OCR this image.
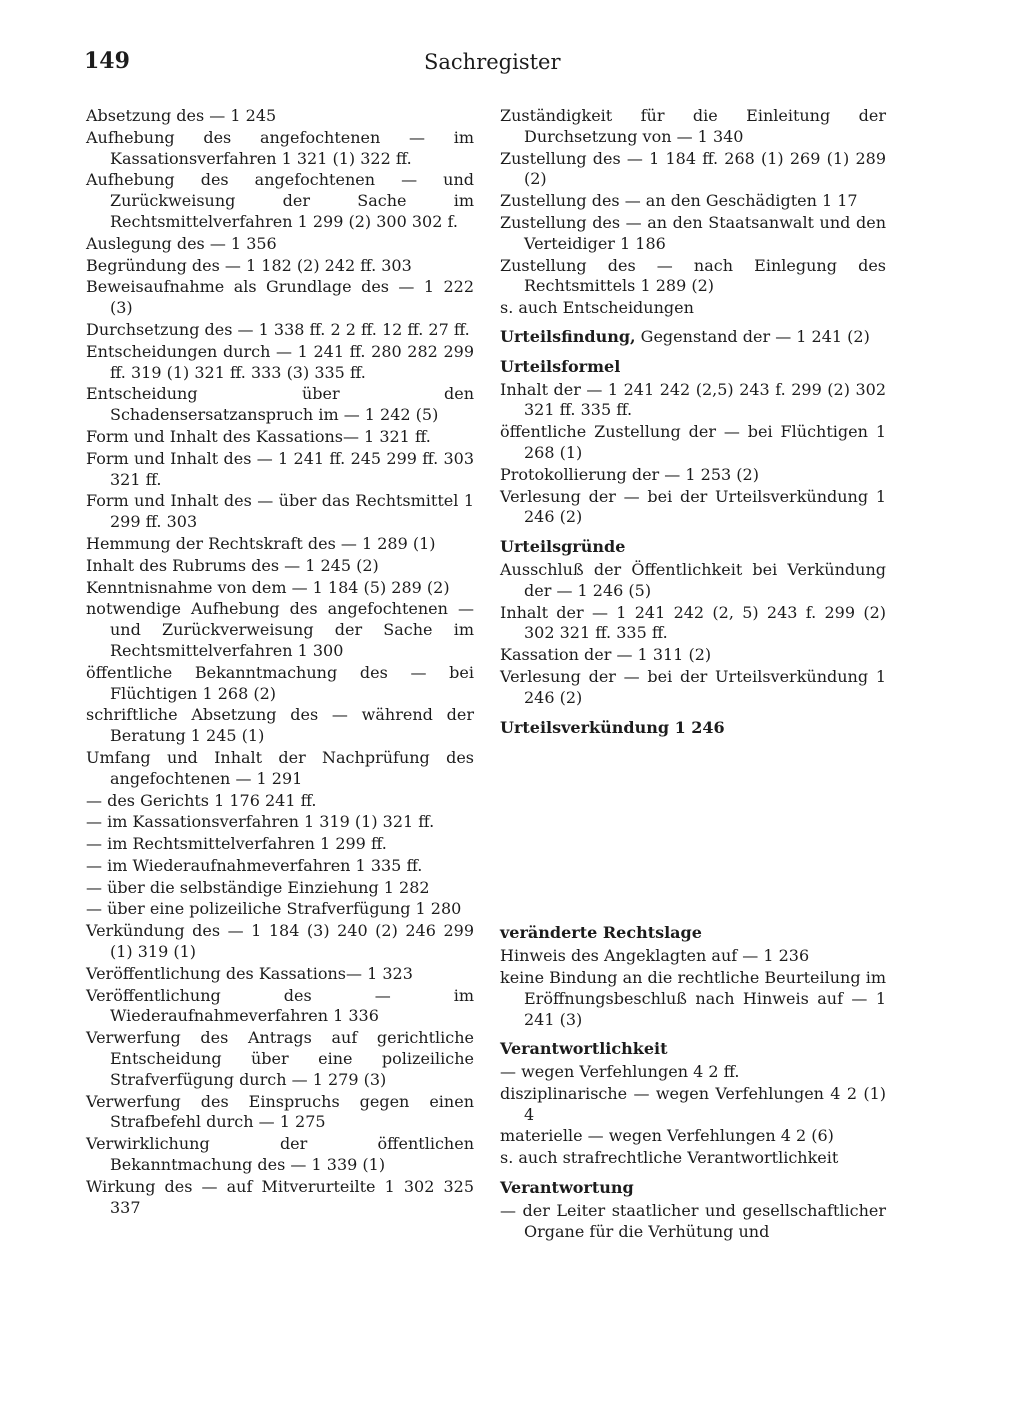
149	Sachregister

Absetzung des — 1 245

Aufhebung des angefochtenen — im Kassationsverfahren 1 321 (1) 322 ff.

Aufhebung des angefochtenen — und Zurückweisung der Sache im Rechtsmittelverfahren 1 299 (2) 300 302 f.

Auslegung des — 1 356

Begründung des — 1 182 (2) 242 ff. 303

Beweisaufnahme als Grundlage des — 1 222 (3)

Durchsetzung des — 1 338 ff. 2 2 ff. 12 ff. 27 ff.

Entscheidungen durch — 1 241 ff. 280 282 299 ff. 319 (1) 321 ff. 333 (3) 335 ff.

Entscheidung über den Schadensersatzanspruch im — 1 242 (5)

Form und Inhalt des Kassations— 1 321 ff.

Form und Inhalt des — 1 241 ff. 245 299 ff. 303 321 ff.

Form und Inhalt des — über das Rechtsmittel 1 299 ff. 303

Hemmung der Rechtskraft des — 1 289 (1)

Inhalt des Rubrums des — 1 245 (2)

Kenntnisnahme von dem — 1 184 (5) 289 (2)

notwendige Aufhebung des angefochtenen — und Zurückverweisung der Sache im Rechtsmittelverfahren 1 300

öffentliche Bekanntmachung des — bei Flüchtigen 1 268 (2)

schriftliche Absetzung des — während der Beratung 1 245 (1)

Umfang und Inhalt der Nachprüfung des angefochtenen — 1 291

— des Gerichts 1 176 241 ff.

— im Kassationsverfahren 1 319 (1) 321 ff.

— im Rechtsmittelverfahren 1 299 ff.

— im Wiederaufnahmeverfahren 1 335 ff.

— über die selbständige Einziehung 1 282

— über eine polizeiliche Strafverfügung 1 280

Verkündung des — 1 184 (3) 240 (2) 246 299 (1) 319 (1)

Veröffentlichung des Kassations— 1 323

Veröffentlichung des — im Wiederaufnahmeverfahren 1 336

Verwerfung des Antrags auf gerichtliche Entscheidung über eine polizeiliche Strafverfügung durch — 1 279 (3)

Verwerfung des Einspruchs gegen einen Strafbefehl durch — 1 275

Verwirklichung der öffentlichen Bekanntmachung des — 1 339 (1)

Wirkung des — auf Mitverurteilte 1 302 325 337

Zuständigkeit für die Einleitung der Durchsetzung von — 1 340

Zustellung des — 1 184 ff. 268 (1) 269 (1) 289 (2)

Zustellung des — an den Geschädigten 1 17

Zustellung des — an den Staatsanwalt und den Verteidiger 1 186

Zustellung des — nach Einlegung des Rechtsmittels 1 289 (2)

s. auch Entscheidungen

Urteilsfindung, Gegenstand der — 1 241 (2)

Urteilsformel

Inhalt der — 1 241 242 (2,5) 243 f. 299 (2) 302 321 ff. 335 ff.

öffentliche Zustellung der — bei Flüchtigen 1 268 (1)

Protokollierung der — 1 253 (2)

Verlesung der — bei der Urteilsverkündung 1 246 (2)

Urteilsgründe

Ausschluß der Öffentlichkeit bei Verkündung der — 1 246 (5)

Inhalt der — 1 241 242 (2, 5) 243 f. 299 (2) 302 321 ff. 335 ff.

Kassation der — 1 311 (2)

Verlesung der — bei der Urteilsverkündung 1 246 (2)

Urteilsverkündung 1 246

veränderte Rechtslage

Hinweis des Angeklagten auf — 1 236

keine Bindung an die rechtliche Beurteilung im Eröffnungsbeschluß nach Hinweis auf — 1 241 (3)

Verantwortlichkeit

— wegen Verfehlungen 4 2 ff.

disziplinarische — wegen Verfehlungen 4 2 (1) 4

materielle — wegen Verfehlungen 4 2 (6)

s. auch strafrechtliche Verantwortlichkeit

Verantwortung

— der Leiter staatlicher und gesellschaftlicher Organe für die Verhütung und
